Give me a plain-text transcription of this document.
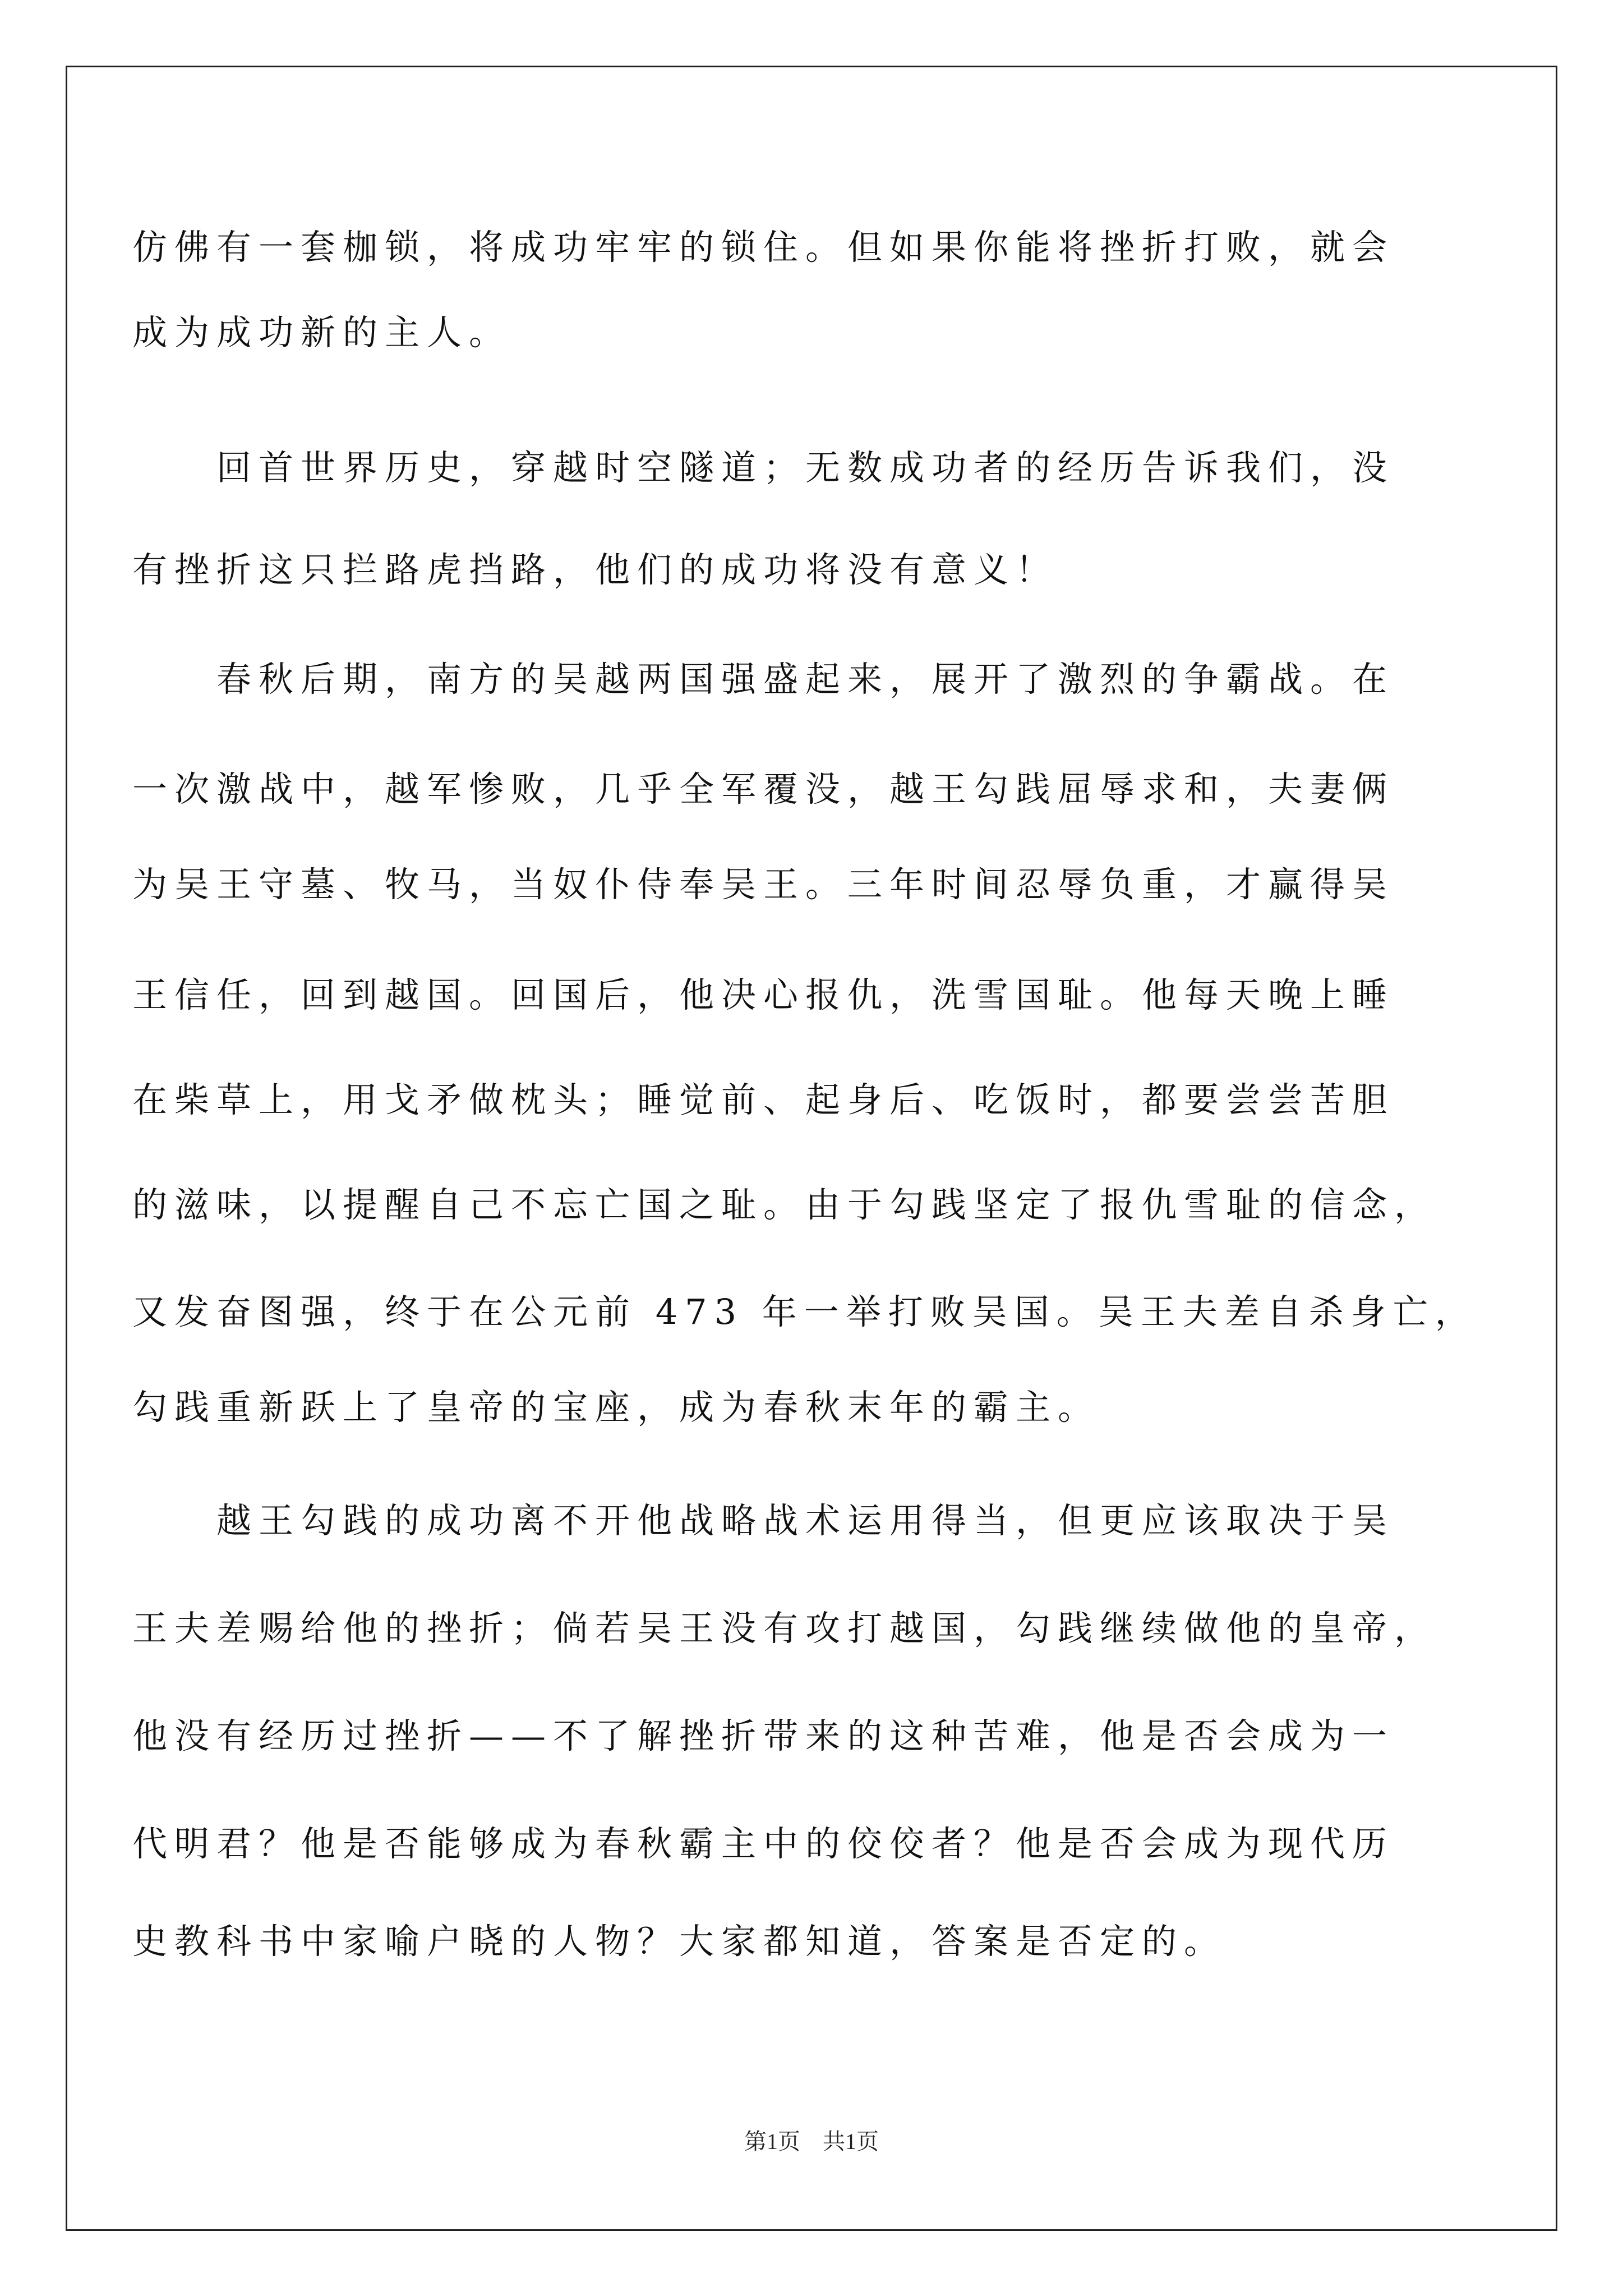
仿佛有一套枷锁，将成功牢牢的锁住。但如果你能将挫折打败，就会
成为成功新的主人。
　　回首世界历史，穿越时空隧道；无数成功者的经历告诉我们，没
有挫折这只拦路虎挡路，他们的成功将没有意义！
　　春秋后期，南方的吴越两国强盛起来，展开了激烈的争霸战。在
一次激战中，越军惨败，几乎全军覆没，越王勾践屈辱求和，夫妻俩
为吴王守墓、牧马，当奴仆侍奉吴王。三年时间忍辱负重，才赢得吴
王信任，回到越国。回国后，他决心报仇，洗雪国耻。他每天晚上睡
在柴草上，用戈矛做枕头；睡觉前、起身后、吃饭时，都要尝尝苦胆
的滋味，以提醒自己不忘亡国之耻。由于勾践坚定了报仇雪耻的信念，
又发奋图强，终于在公元前 473 年一举打败吴国。吴王夫差自杀身亡，
勾践重新跃上了皇帝的宝座，成为春秋末年的霸主。
　　越王勾践的成功离不开他战略战术运用得当，但更应该取决于吴
王夫差赐给他的挫折；倘若吴王没有攻打越国，勾践继续做他的皇帝，
他没有经历过挫折——不了解挫折带来的这种苦难，他是否会成为一
代明君？他是否能够成为春秋霸主中的佼佼者？他是否会成为现代历
史教科书中家喻户晓的人物？大家都知道，答案是否定的。
第1页　共1页
